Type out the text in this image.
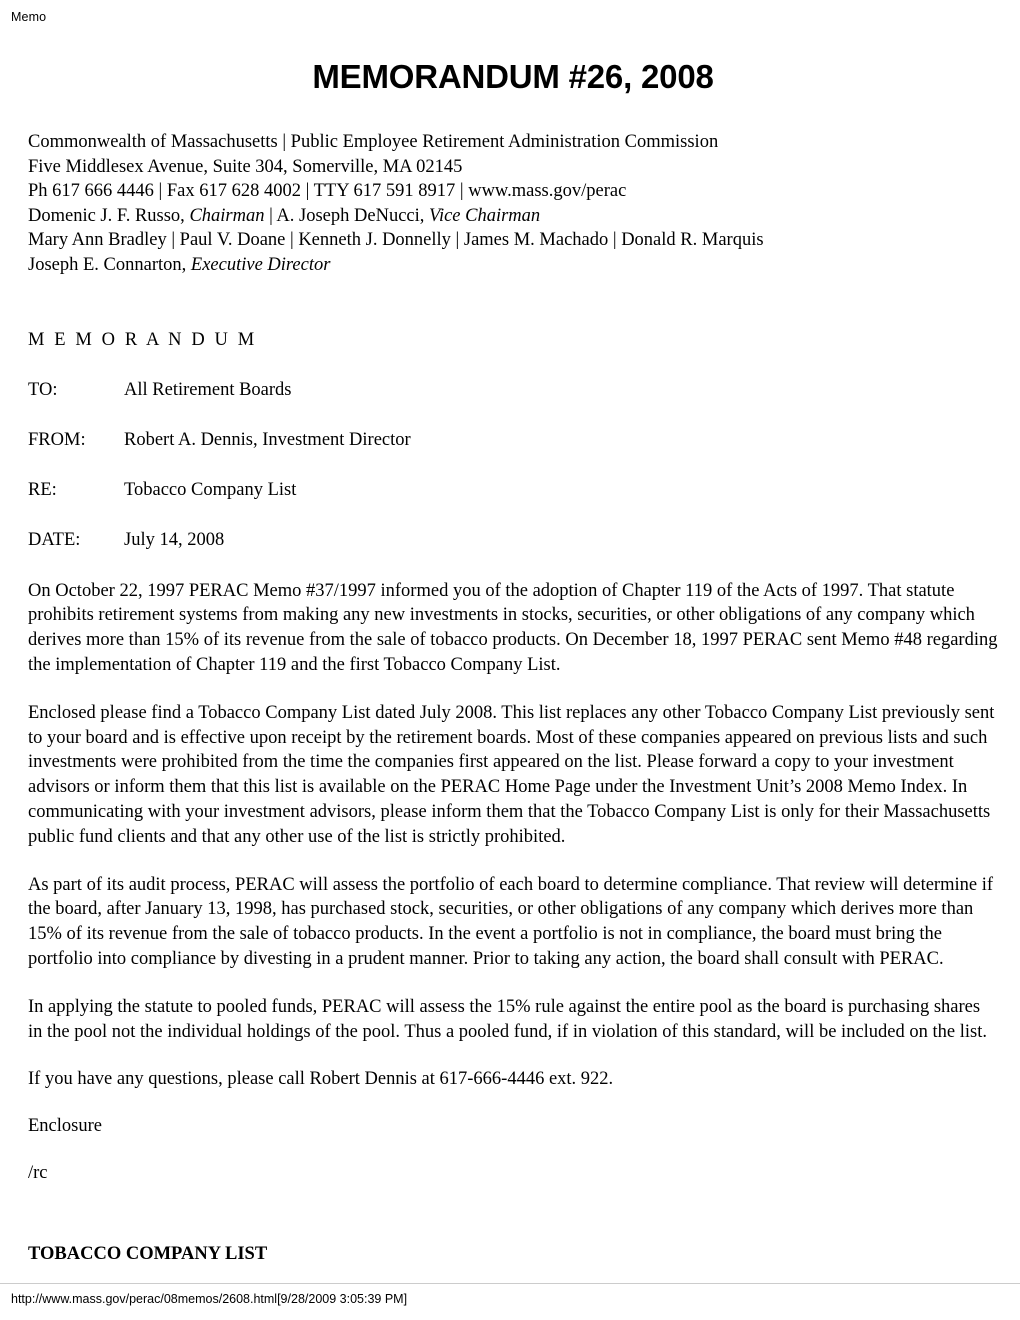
Memo
MEMORANDUM #26, 2008
Commonwealth of Massachusetts | Public Employee Retirement Administration Commission
Five Middlesex Avenue, Suite 304, Somerville, MA 02145
Ph 617 666 4446 | Fax 617 628 4002 | TTY 617 591 8917 | www.mass.gov/perac
Domenic J. F. Russo, Chairman | A. Joseph DeNucci, Vice Chairman
Mary Ann Bradley | Paul V. Doane | Kenneth J. Donnelly | James M. Machado | Donald R. Marquis
Joseph E. Connarton, Executive Director
M E M O R A N D U M
TO:	All Retirement Boards
FROM: Robert A. Dennis, Investment Director
RE:	Tobacco Company List
DATE: July 14, 2008

On October 22, 1997 PERAC Memo #37/1997 informed you of the adoption of Chapter 119 of the Acts of 1997. That statute prohibits retirement systems from making any new investments in stocks, securities, or other obligations of any company which derives more than 15% of its revenue from the sale of tobacco products. On December 18, 1997 PERAC sent Memo #48 regarding the implementation of Chapter 119 and the first Tobacco Company List.

Enclosed please find a Tobacco Company List dated July 2008. This list replaces any other Tobacco Company List previously sent to your board and is effective upon receipt by the retirement boards. Most of these companies appeared on previous lists and such investments were prohibited from the time the companies first appeared on the list. Please forward a copy to your investment advisors or inform them that this list is available on the PERAC Home Page under the Investment Unit’s 2008 Memo Index. In communicating with your investment advisors, please inform them that the Tobacco Company List is only for their Massachusetts public fund clients and that any other use of the list is strictly prohibited.

As part of its audit process, PERAC will assess the portfolio of each board to determine compliance. That review will determine if the board, after January 13, 1998, has purchased stock, securities, or other obligations of any company which derives more than 15% of its revenue from the sale of tobacco products. In the event a portfolio is not in compliance, the board must bring the portfolio into compliance by divesting in a prudent manner. Prior to taking any action, the board shall consult with PERAC.

In applying the statute to pooled funds, PERAC will assess the 15% rule against the entire pool as the board is purchasing shares in the pool not the individual holdings of the pool. Thus a pooled fund, if in violation of this standard, will be included on the list.

If you have any questions, please call Robert Dennis at 617-666-4446 ext. 922.

Enclosure

/rc

TOBACCO COMPANY LIST
http://www.mass.gov/perac/08memos/2608.html[9/28/2009 3:05:39 PM]
